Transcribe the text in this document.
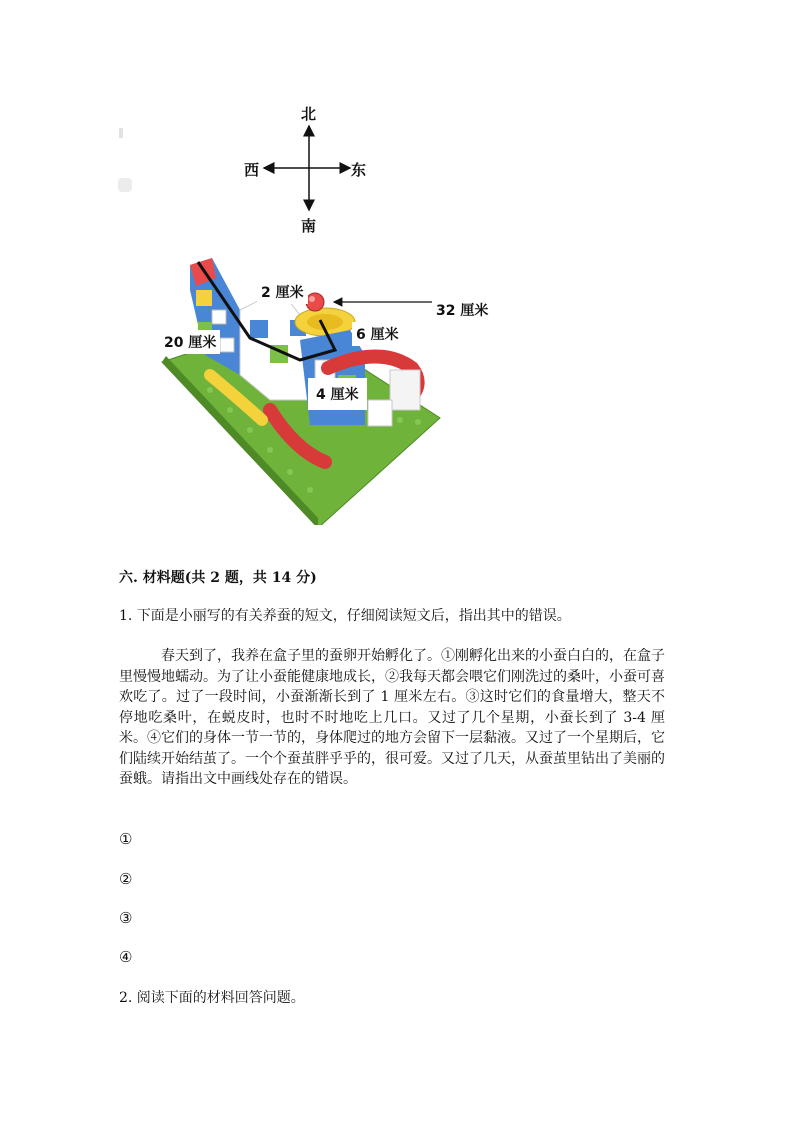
北
南
西	东
2 厘米
32 厘米
20 厘米	6 厘米
4 厘米
六. 材料题(共 2 题，共 14 分)
1. 下面是小丽写的有关养蚕的短文，仔细阅读短文后，指出其中的错误。

春天到了，我养在盒子里的蚕卵开始孵化了。①刚孵化出来的小蚕白白的，在盒子里慢慢地蠕动。为了让小蚕能健康地成长，②我每天都会喂它们刚洗过的桑叶，小蚕可喜欢吃了。过了一段时间，小蚕渐渐长到了 1 厘米左右。③这时它们的食量增大，整天不停地吃桑叶，在蜕皮时，也时不时地吃上几口。又过了几个星期，小蚕长到了 3-4 厘米。④它们的身体一节一节的，身体爬过的地方会留下一层黏液。又过了一个星期后，它们陆续开始结茧了。一个个蚕茧胖乎乎的，很可爱。又过了几天，从蚕茧里钻出了美丽的蚕蛾。请指出文中画线处存在的错误。

①
②
③
④
2. 阅读下面的材料回答问题。
